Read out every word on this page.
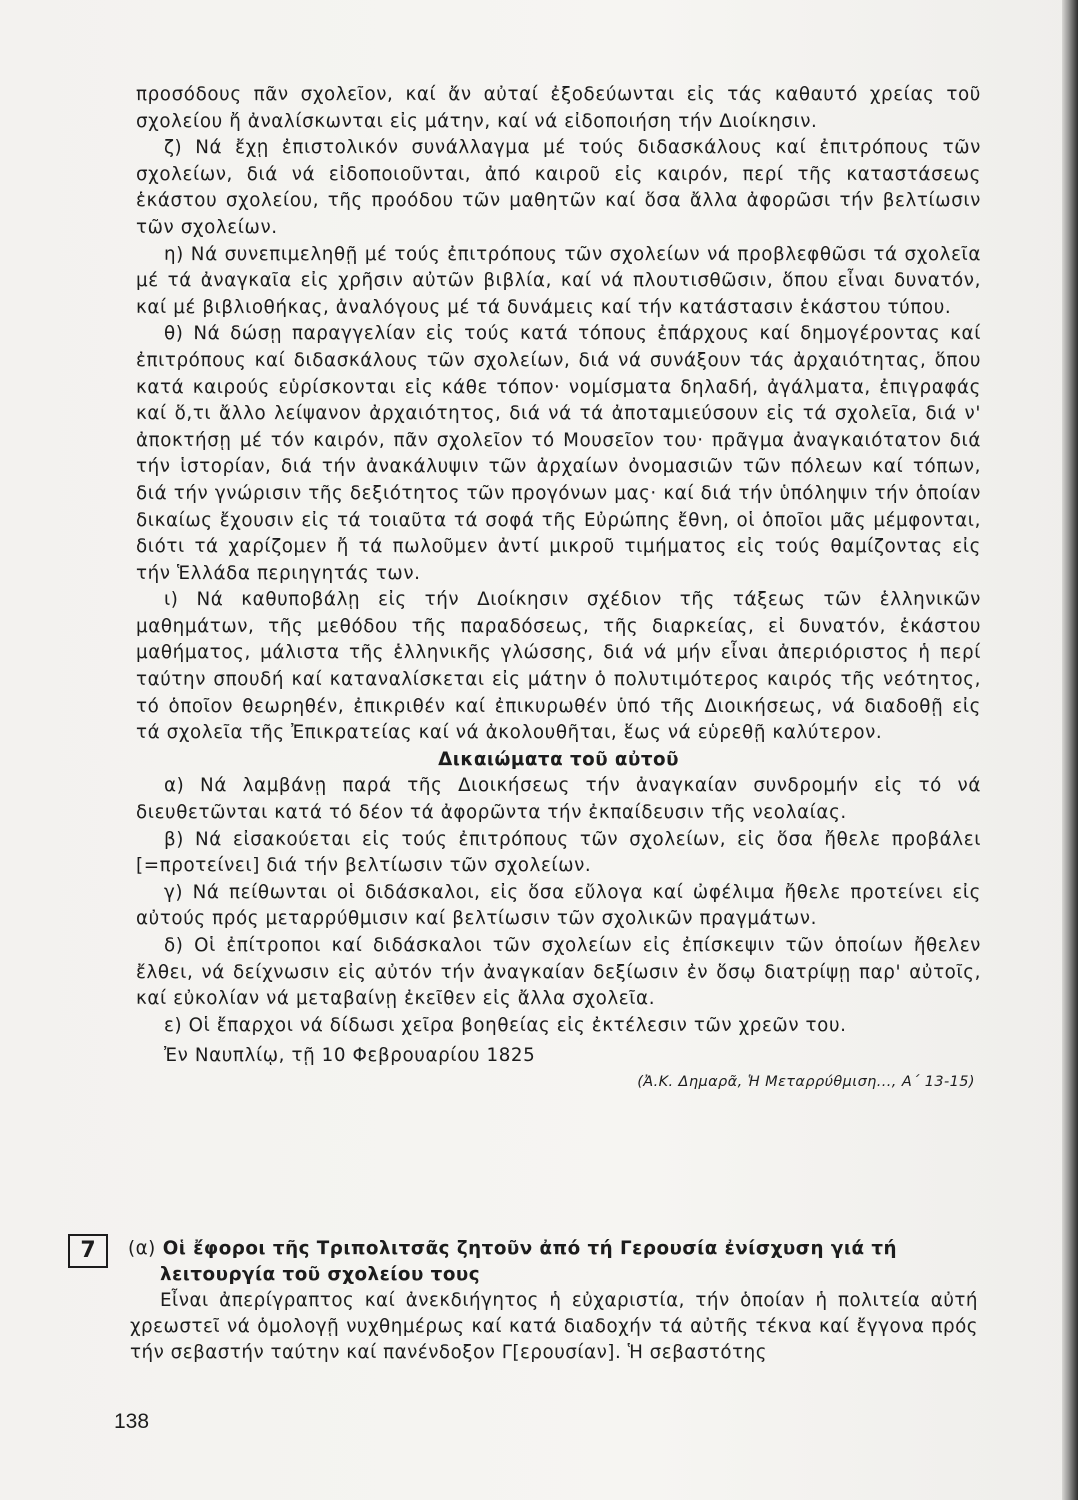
προσόδους πᾶν σχολεῖον, καί ἄν αὐταί ἐξοδεύωνται εἰς τάς καθαυτό χρείας τοῦ σχολείου ἤ ἀναλίσκωνται εἰς μάτην, καί νά εἰδοποιήση τήν Διοίκησιν.

ζ) Νά ἔχῃ ἐπιστολικόν συνάλλαγμα μέ τούς διδασκάλους καί ἐπιτρόπους τῶν σχολείων, διά νά εἰδοποιοῦνται, ἀπό καιροῦ εἰς καιρόν, περί τῆς καταστάσεως ἑκάστου σχολείου, τῆς προόδου τῶν μαθητῶν καί ὅσα ἄλλα ἀφορῶσι τήν βελτίωσιν τῶν σχολείων.

η) Νά συνεπιμεληθῇ μέ τούς ἐπιτρόπους τῶν σχολείων νά προβλεφθῶσι τά σχολεῖα μέ τά ἀναγκαῖα εἰς χρῆσιν αὐτῶν βιβλία, καί νά πλουτισθῶσιν, ὅπου εἶναι δυνατόν, καί μέ βιβλιοθήκας, ἀναλόγους μέ τά δυνάμεις καί τήν κατάστασιν ἑκάστου τύπου.

θ) Νά δώσῃ παραγγελίαν εἰς τούς κατά τόπους ἐπάρχους καί δημογέροντας καί ἐπιτρόπους καί διδασκάλους τῶν σχολείων, διά νά συνάξουν τάς ἀρχαιότητας, ὅπου κατά καιρούς εὑρίσκονται εἰς κάθε τόπον· νομίσματα δηλαδή, ἀγάλματα, ἐπιγραφάς καί ὅ,τι ἄλλο λείψανον ἀρχαιότητος, διά νά τά ἀποταμιεύσουν εἰς τά σχολεῖα, διά ν' ἀποκτήσῃ μέ τόν καιρόν, πᾶν σχολεῖον τό Μουσεῖον του· πρᾶγμα ἀναγκαιότατον διά τήν ἱστορίαν, διά τήν ἀνακάλυψιν τῶν ἀρχαίων ὀνομασιῶν τῶν πόλεων καί τόπων, διά τήν γνώρισιν τῆς δεξιότητος τῶν προγόνων μας· καί διά τήν ὑπόληψιν τήν ὁποίαν δικαίως ἔχουσιν εἰς τά τοιαῦτα τά σοφά τῆς Εὐρώπης ἔθνη, οἱ ὁποῖοι μᾶς μέμφονται, διότι τά χαρίζομεν ἤ τά πωλοῦμεν ἀντί μικροῦ τιμήματος εἰς τούς θαμίζοντας εἰς τήν Ἑλλάδα περιηγητάς των.

ι) Νά καθυποβάλῃ εἰς τήν Διοίκησιν σχέδιον τῆς τάξεως τῶν ἑλληνικῶν μαθημάτων, τῆς μεθόδου τῆς παραδόσεως, τῆς διαρκείας, εἰ δυνατόν, ἑκάστου μαθήματος, μάλιστα τῆς ἑλληνικῆς γλώσσης, διά νά μήν εἶναι ἀπεριόριστος ἡ περί ταύτην σπουδή καί καταναλίσκεται εἰς μάτην ὁ πολυτιμότερος καιρός τῆς νεότητος, τό ὁποῖον θεωρηθέν, ἐπικριθέν καί ἐπικυρωθέν ὑπό τῆς Διοικήσεως, νά διαδοθῇ εἰς τά σχολεῖα τῆς Ἐπικρατείας καί νά ἀκολουθῆται, ἕως νά εὑρεθῇ καλύτερον.

Δικαιώματα τοῦ αὐτοῦ

α) Νά λαμβάνῃ παρά τῆς Διοικήσεως τήν ἀναγκαίαν συνδρομήν εἰς τό νά διευθετῶνται κατά τό δέον τά ἀφορῶντα τήν ἐκπαίδευσιν τῆς νεολαίας.

β) Νά εἰσακούεται εἰς τούς ἐπιτρόπους τῶν σχολείων, εἰς ὅσα ἤθελε προβάλει [=προτείνει] διά τήν βελτίωσιν τῶν σχολείων.

γ) Νά πείθωνται οἱ διδάσκαλοι, εἰς ὅσα εὔλογα καί ὠφέλιμα ἤθελε προτείνει εἰς αὐτούς πρός μεταρρύθμισιν καί βελτίωσιν τῶν σχολικῶν πραγμάτων.

δ) Οἱ ἐπίτροποι καί διδάσκαλοι τῶν σχολείων εἰς ἐπίσκεψιν τῶν ὁποίων ἤθελεν ἔλθει, νά δείχνωσιν εἰς αὐτόν τήν ἀναγκαίαν δεξίωσιν ἐν ὅσῳ διατρίψῃ παρ' αὐτοῖς, καί εὐκολίαν νά μεταβαίνῃ ἐκεῖθεν εἰς ἄλλα σχολεῖα.

ε) Οἱ ἔπαρχοι νά δίδωσι χεῖρα βοηθείας εἰς ἐκτέλεσιν τῶν χρεῶν του.

Ἐν Ναυπλίῳ, τῇ 10 Φεβρουαρίου 1825

(Ἀ.Κ. Δημαρᾶ, Ἡ Μεταρρύθμιση..., Α΄ 13-15)

7	(α) Οἱ ἔφοροι τῆς Τριπολιτσᾶς ζητοῦν ἀπό τή Γερουσία ἐνίσχυση γιά τή λειτουργία τοῦ σχολείου τους

Εἶναι ἀπερίγραπτος καί ἀνεκδιήγητος ἡ εὐχαριστία, τήν ὁποίαν ἡ πολιτεία αὐτή χρεωστεῖ νά ὁμολογῇ νυχθημέρως καί κατά διαδοχήν τά αὐτῆς τέκνα καί ἔγγονα πρός τήν σεβαστήν ταύτην καί πανένδοξον Γ[ερουσίαν]. Ἡ σεβαστότης

138
